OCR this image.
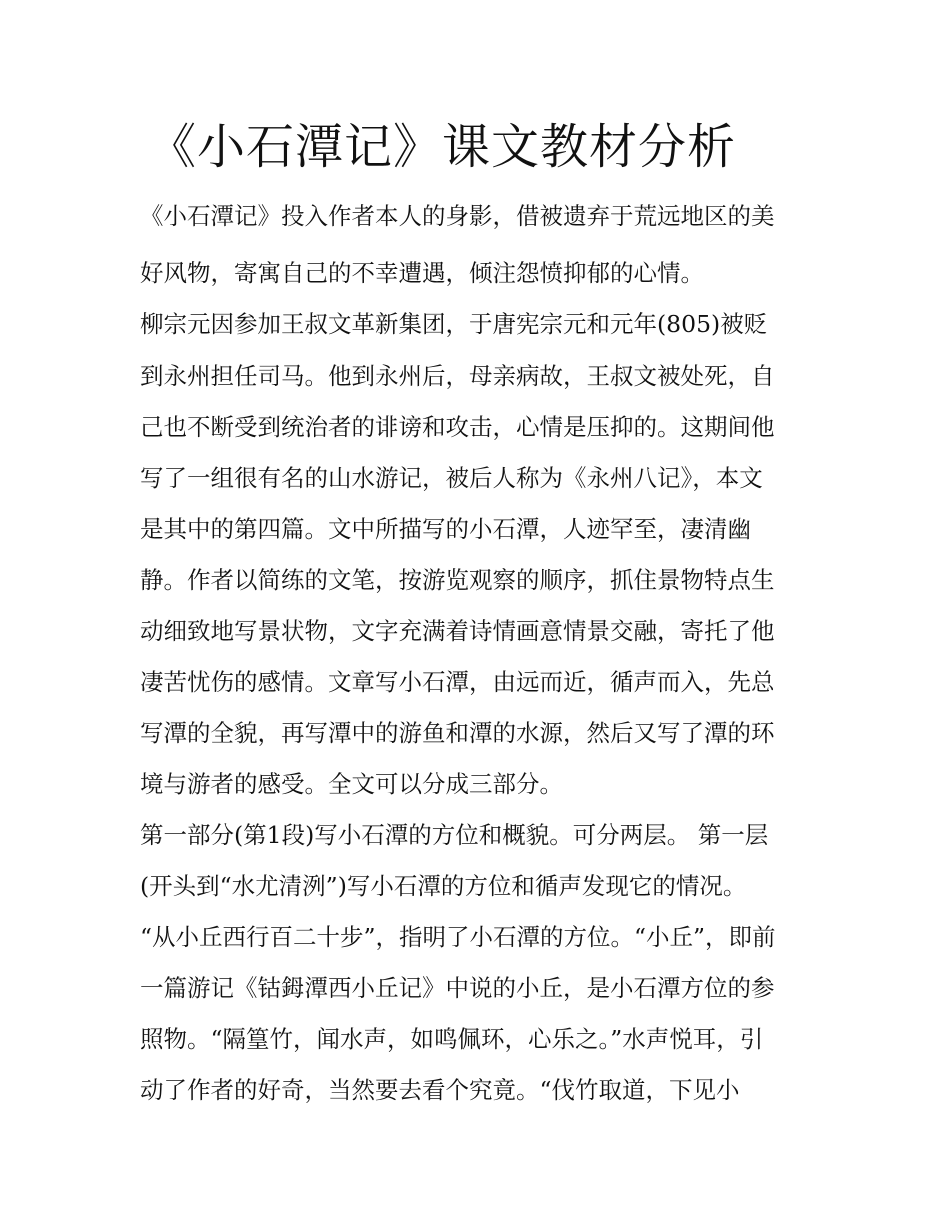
《小石潭记》课文教材分析

《小石潭记》投入作者本人的身影，借被遗弃于荒远地区的美

好风物，寄寓自己的不幸遭遇，倾注怨愤抑郁的心情。

柳宗元因参加王叔文革新集团，于唐宪宗元和元年(805)被贬

到永州担任司马。他到永州后，母亲病故，王叔文被处死，自

己也不断受到统治者的诽谤和攻击，心情是压抑的。这期间他

写了一组很有名的山水游记，被后人称为《永州八记》，本文

是其中的第四篇。文中所描写的小石潭，人迹罕至，凄清幽

静。作者以简练的文笔，按游览观察的顺序，抓住景物特点生

动细致地写景状物，文字充满着诗情画意情景交融，寄托了他

凄苦忧伤的感情。文章写小石潭，由远而近，循声而入，先总

写潭的全貌，再写潭中的游鱼和潭的水源，然后又写了潭的环

境与游者的感受。全文可以分成三部分。

第一部分(第1段)写小石潭的方位和概貌。可分两层。 第一层

(开头到“水尤清洌”)写小石潭的方位和循声发现它的情况。

“从小丘西行百二十步”，指明了小石潭的方位。“小丘”，即前

一篇游记《钴鉧潭西小丘记》中说的小丘，是小石潭方位的参

照物。“隔篁竹，闻水声，如鸣佩环，心乐之。”水声悦耳，引

动了作者的好奇，当然要去看个究竟。“伐竹取道，下见小
